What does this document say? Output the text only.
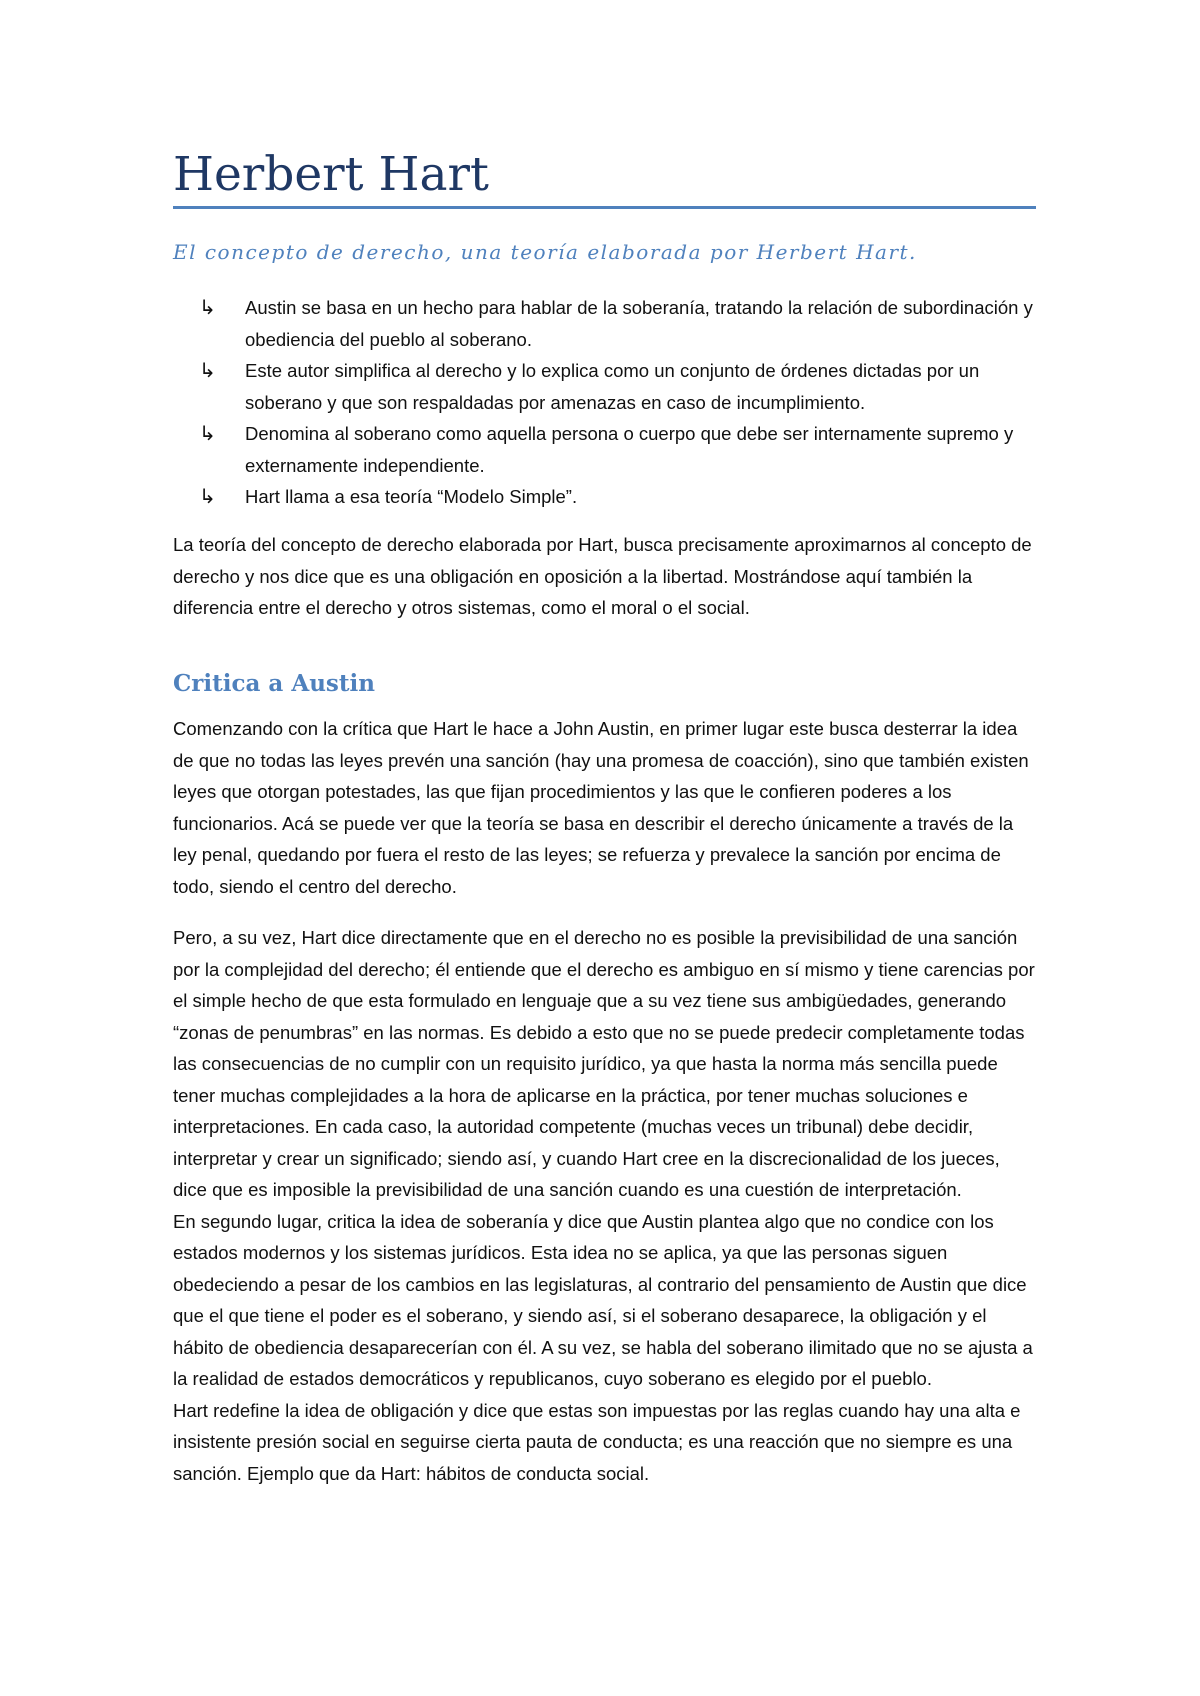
Herbert Hart

El concepto de derecho, una teoría elaborada por Herbert Hart.

↳ Austin se basa en un hecho para hablar de la soberanía, tratando la relación de subordinación y obediencia del pueblo al soberano.
↳ Este autor simplifica al derecho y lo explica como un conjunto de órdenes dictadas por un soberano y que son respaldadas por amenazas en caso de incumplimiento.
↳ Denomina al soberano como aquella persona o cuerpo que debe ser internamente supremo y externamente independiente.
↳ Hart llama a esa teoría “Modelo Simple”.

La teoría del concepto de derecho elaborada por Hart, busca precisamente aproximarnos al concepto de derecho y nos dice que es una obligación en oposición a la libertad. Mostrándose aquí también la diferencia entre el derecho y otros sistemas, como el moral o el social.

Critica a Austin

Comenzando con la crítica que Hart le hace a John Austin, en primer lugar este busca desterrar la idea de que no todas las leyes prevén una sanción (hay una promesa de coacción), sino que también existen leyes que otorgan potestades, las que fijan procedimientos y las que le confieren poderes a los funcionarios. Acá se puede ver que la teoría se basa en describir el derecho únicamente a través de la ley penal, quedando por fuera el resto de las leyes; se refuerza y prevalece la sanción por encima de todo, siendo el centro del derecho.

Pero, a su vez, Hart dice directamente que en el derecho no es posible la previsibilidad de una sanción por la complejidad del derecho; él entiende que el derecho es ambiguo en sí mismo y tiene carencias por el simple hecho de que esta formulado en lenguaje que a su vez tiene sus ambigüedades, generando “zonas de penumbras” en las normas. Es debido a esto que no se puede predecir completamente todas las consecuencias de no cumplir con un requisito jurídico, ya que hasta la norma más sencilla puede tener muchas complejidades a la hora de aplicarse en la práctica, por tener muchas soluciones e interpretaciones. En cada caso, la autoridad competente (muchas veces un tribunal) debe decidir, interpretar y crear un significado; siendo así, y cuando Hart cree en la discrecionalidad de los jueces, dice que es imposible la previsibilidad de una sanción cuando es una cuestión de interpretación.
En segundo lugar, critica la idea de soberanía y dice que Austin plantea algo que no condice con los estados modernos y los sistemas jurídicos. Esta idea no se aplica, ya que las personas siguen obedeciendo a pesar de los cambios en las legislaturas, al contrario del pensamiento de Austin que dice que el que tiene el poder es el soberano, y siendo así, si el soberano desaparece, la obligación y el hábito de obediencia desaparecerían con él. A su vez, se habla del soberano ilimitado que no se ajusta a la realidad de estados democráticos y republicanos, cuyo soberano es elegido por el pueblo.
Hart redefine la idea de obligación y dice que estas son impuestas por las reglas cuando hay una alta e insistente presión social en seguirse cierta pauta de conducta; es una reacción que no siempre es una sanción. Ejemplo que da Hart: hábitos de conducta social.
